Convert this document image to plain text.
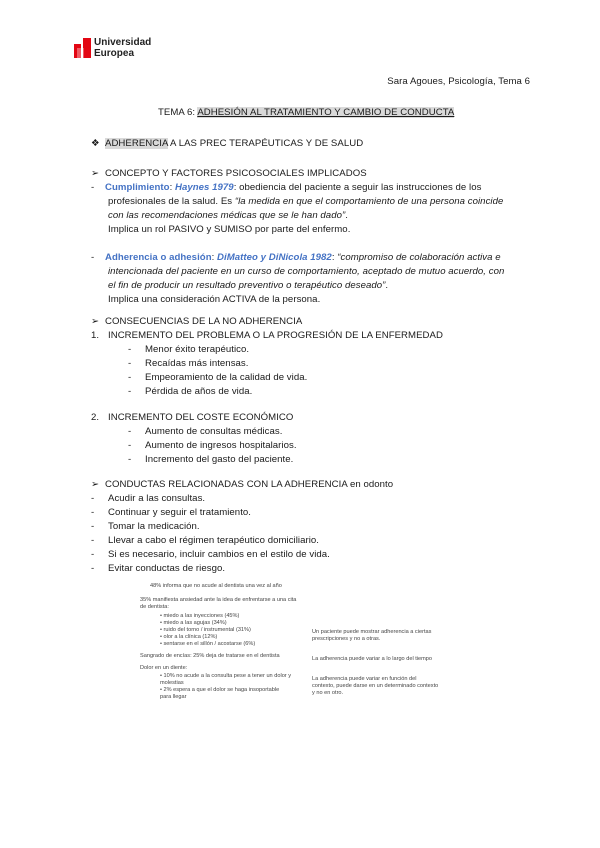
Universidad
Europea
Sara Agoues, Psicología, Tema 6
TEMA 6: ADHESIÓN AL TRATAMIENTO Y CAMBIO DE CONDUCTA
❖ ADHERENCIA A LAS PREC TERAPÉUTICAS Y DE SALUD
➢ CONCEPTO Y FACTORES PSICOSOCIALES IMPLICADOS
- Cumplimiento: Haynes 1979: obediencia del paciente a seguir las instrucciones de los
profesionales de la salud. Es “la medida en que el comportamiento de una persona coincide
con las recomendaciones médicas que se le han dado”.
Implica un rol PASIVO y SUMISO por parte del enfermo.
- Adherencia o adhesión: DiMatteo y DiNicola 1982: “compromiso de colaboración activa e
intencionada del paciente en un curso de comportamiento, aceptado de mutuo acuerdo, con
el fin de producir un resultado preventivo o terapéutico deseado”.
Implica una consideración ACTIVA de la persona.
➢ CONSECUENCIAS DE LA NO ADHERENCIA
1. INCREMENTO DEL PROBLEMA O LA PROGRESIÓN DE LA ENFERMEDAD
- Menor éxito terapéutico.
- Recaídas más intensas.
- Empeoramiento de la calidad de vida.
- Pérdida de años de vida.
2. INCREMENTO DEL COSTE ECONÓMICO
- Aumento de consultas médicas.
- Aumento de ingresos hospitalarios.
- Incremento del gasto del paciente.
➢ CONDUCTAS RELACIONADAS CON LA ADHERENCIA en odonto
- Acudir a las consultas.
- Continuar y seguir el tratamiento.
- Tomar la medicación.
- Llevar a cabo el régimen terapéutico domiciliario.
- Si es necesario, incluir cambios en el estilo de vida.
- Evitar conductas de riesgo.
48% informa que no acude al dentista una vez al año
35% manifiesta ansiedad ante la idea de enfrentarse a una cita
de dentista:
• miedo a las inyecciones (45%)
• miedo a las agujas (34%)
• ruido del torno / instrumental (31%)
• olor a la clínica (12%)
• sentarse en el sillón / acostarse (6%)
Sangrado de encías: 25% deja de tratarse en el dentista
Dolor en un diente:
• 10% no acude a la consulta pese a tener un dolor y
molestias
• 2% espera a que el dolor se haga insoportable
para llegar
Un paciente puede mostrar adherencia a ciertas
prescripciones y no a otras.
La adherencia puede variar a lo largo del tiempo
La adherencia puede variar en función del
contexto, puede darse en un determinado contexto
y no en otro.
